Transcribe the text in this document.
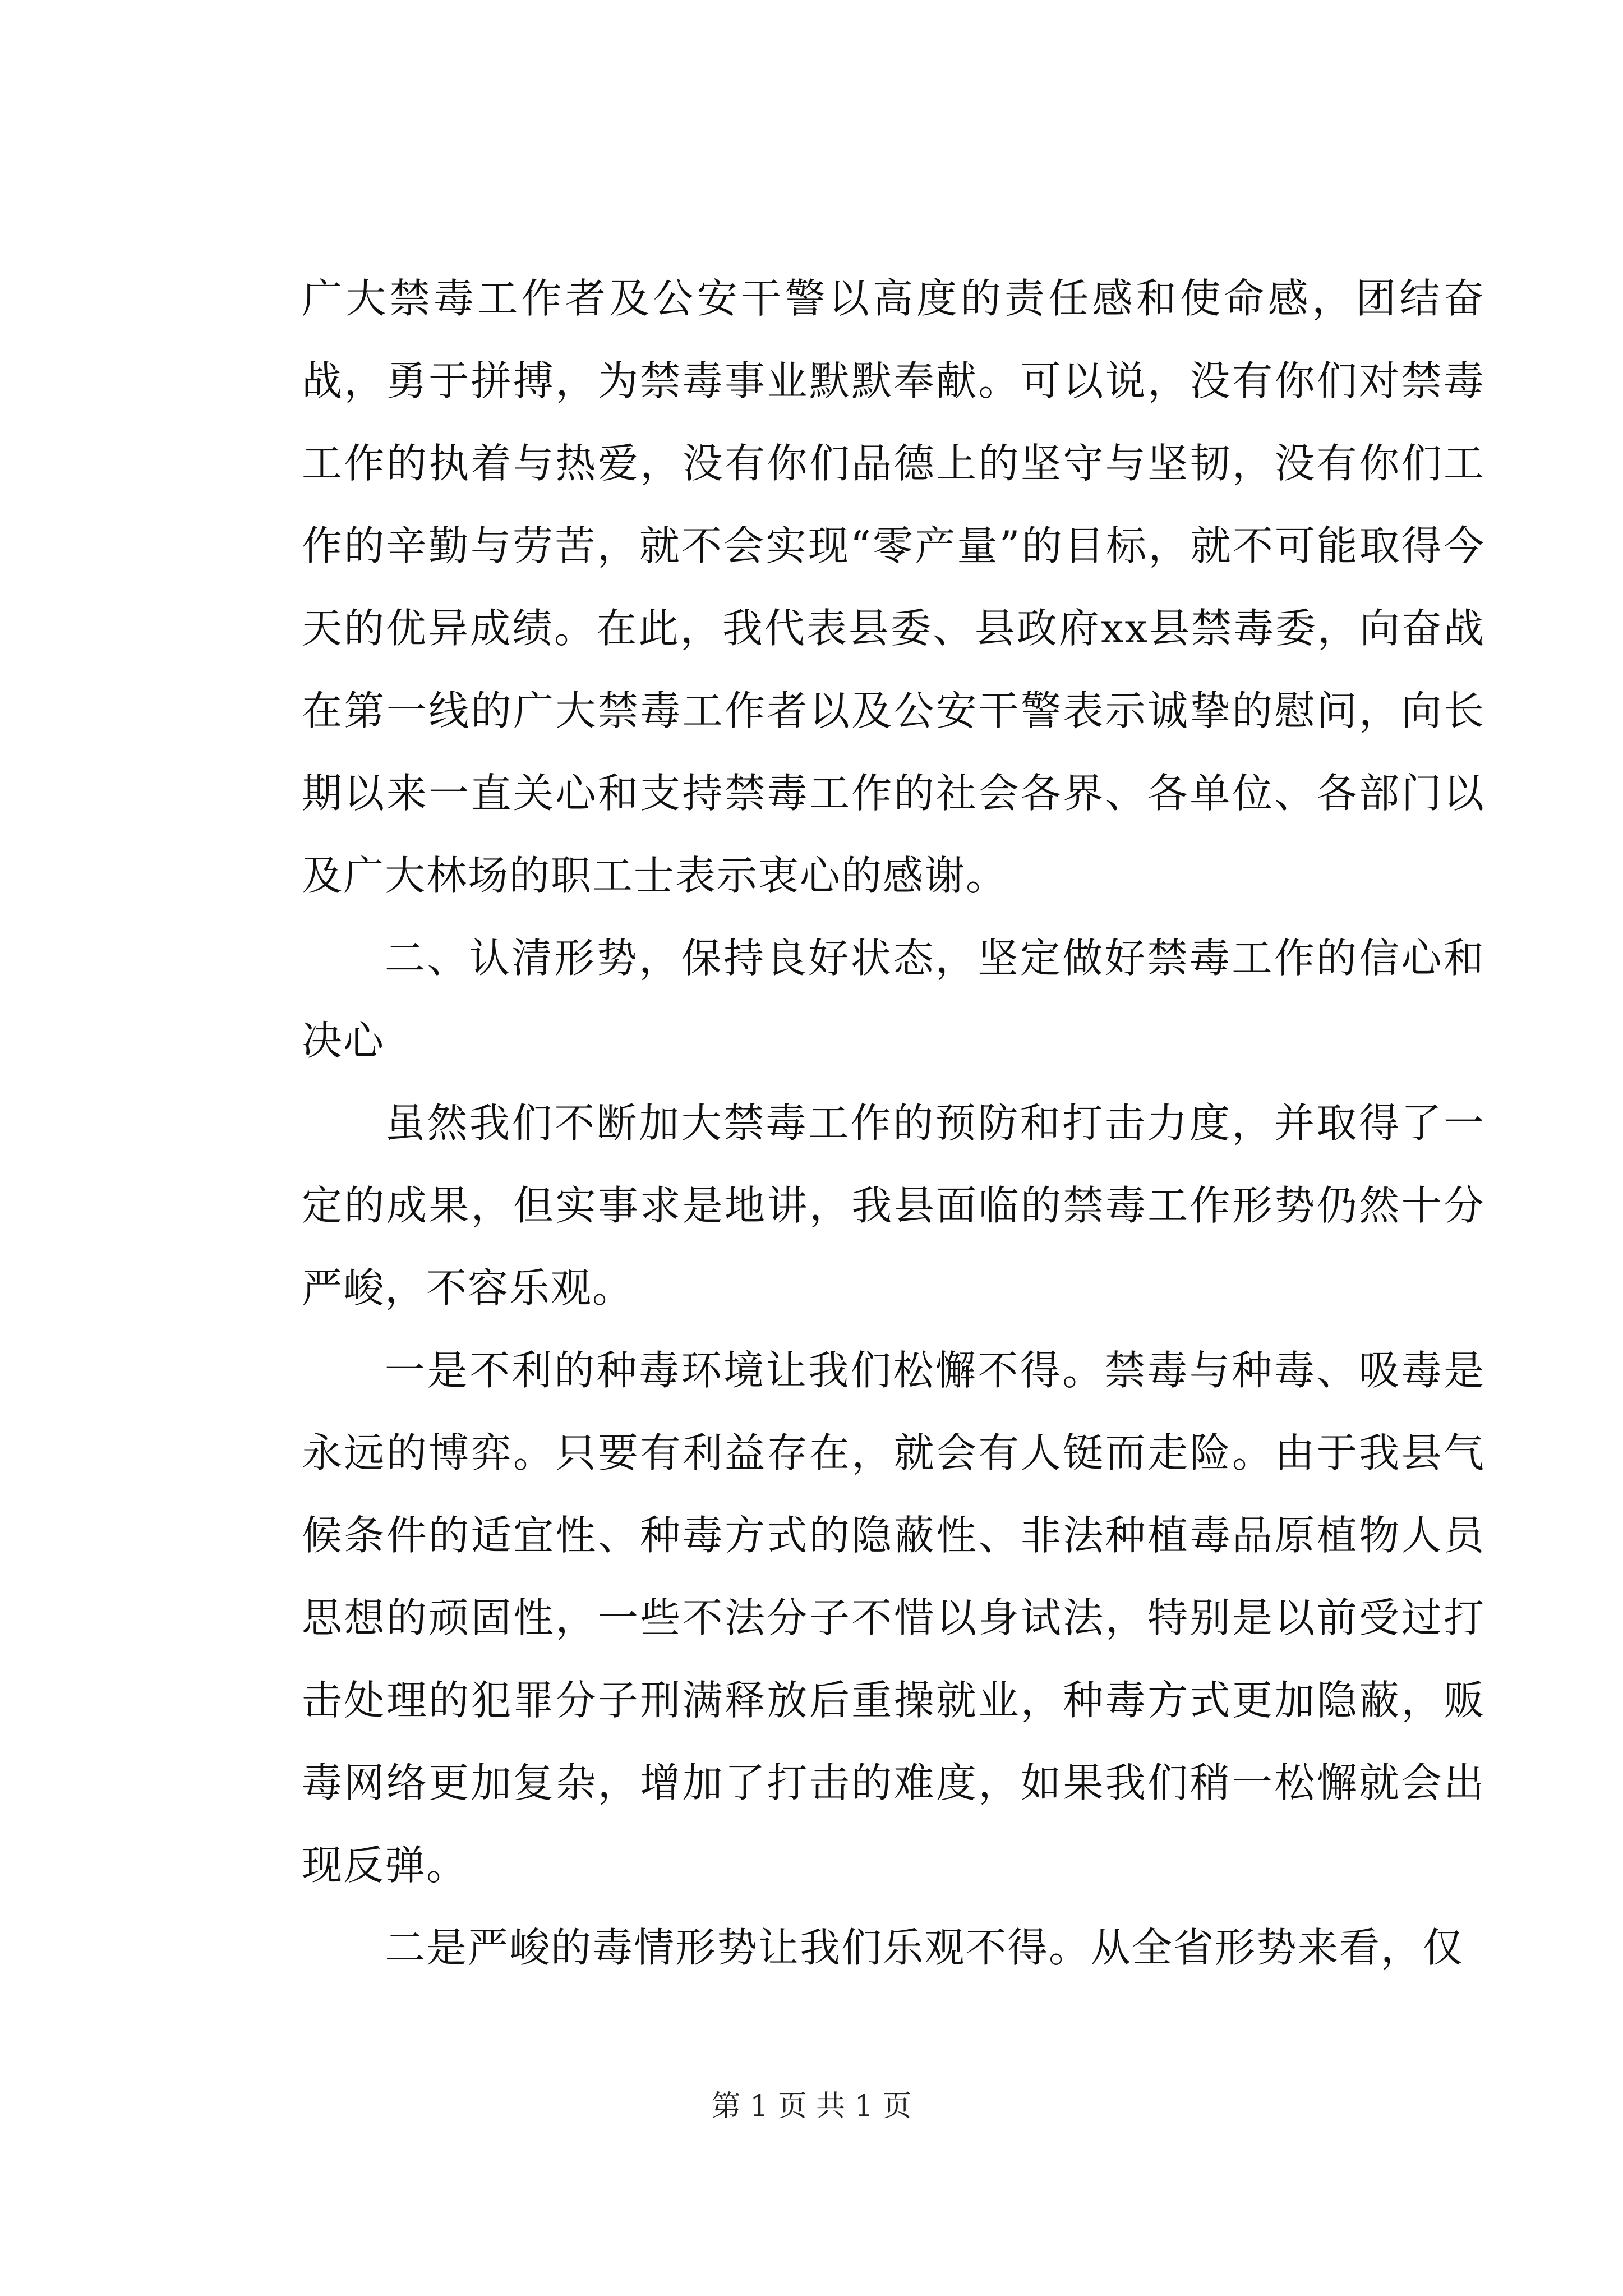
广大禁毒工作者及公安干警以高度的责任感和使命感，团结奋战，勇于拼搏，为禁毒事业默默奉献。可以说，没有你们对禁毒工作的执着与热爱，没有你们品德上的坚守与坚韧，没有你们工作的辛勤与劳苦，就不会实现“零产量”的目标，就不可能取得今天的优异成绩。在此，我代表县委、县政府xx县禁毒委，向奋战在第一线的广大禁毒工作者以及公安干警表示诚挚的慰问，向长期以来一直关心和支持禁毒工作的社会各界、各单位、各部门以及广大林场的职工士表示衷心的感谢。

二、认清形势，保持良好状态，坚定做好禁毒工作的信心和决心

虽然我们不断加大禁毒工作的预防和打击力度，并取得了一定的成果，但实事求是地讲，我县面临的禁毒工作形势仍然十分严峻，不容乐观。

一是不利的种毒环境让我们松懈不得。禁毒与种毒、吸毒是永远的博弈。只要有利益存在，就会有人铤而走险。由于我县气候条件的适宜性、种毒方式的隐蔽性、非法种植毒品原植物人员思想的顽固性，一些不法分子不惜以身试法，特别是以前受过打击处理的犯罪分子刑满释放后重操就业，种毒方式更加隐蔽，贩毒网络更加复杂，增加了打击的难度，如果我们稍一松懈就会出现反弹。

二是严峻的毒情形势让我们乐观不得。从全省形势来看，仅

第 1 页 共 1 页
